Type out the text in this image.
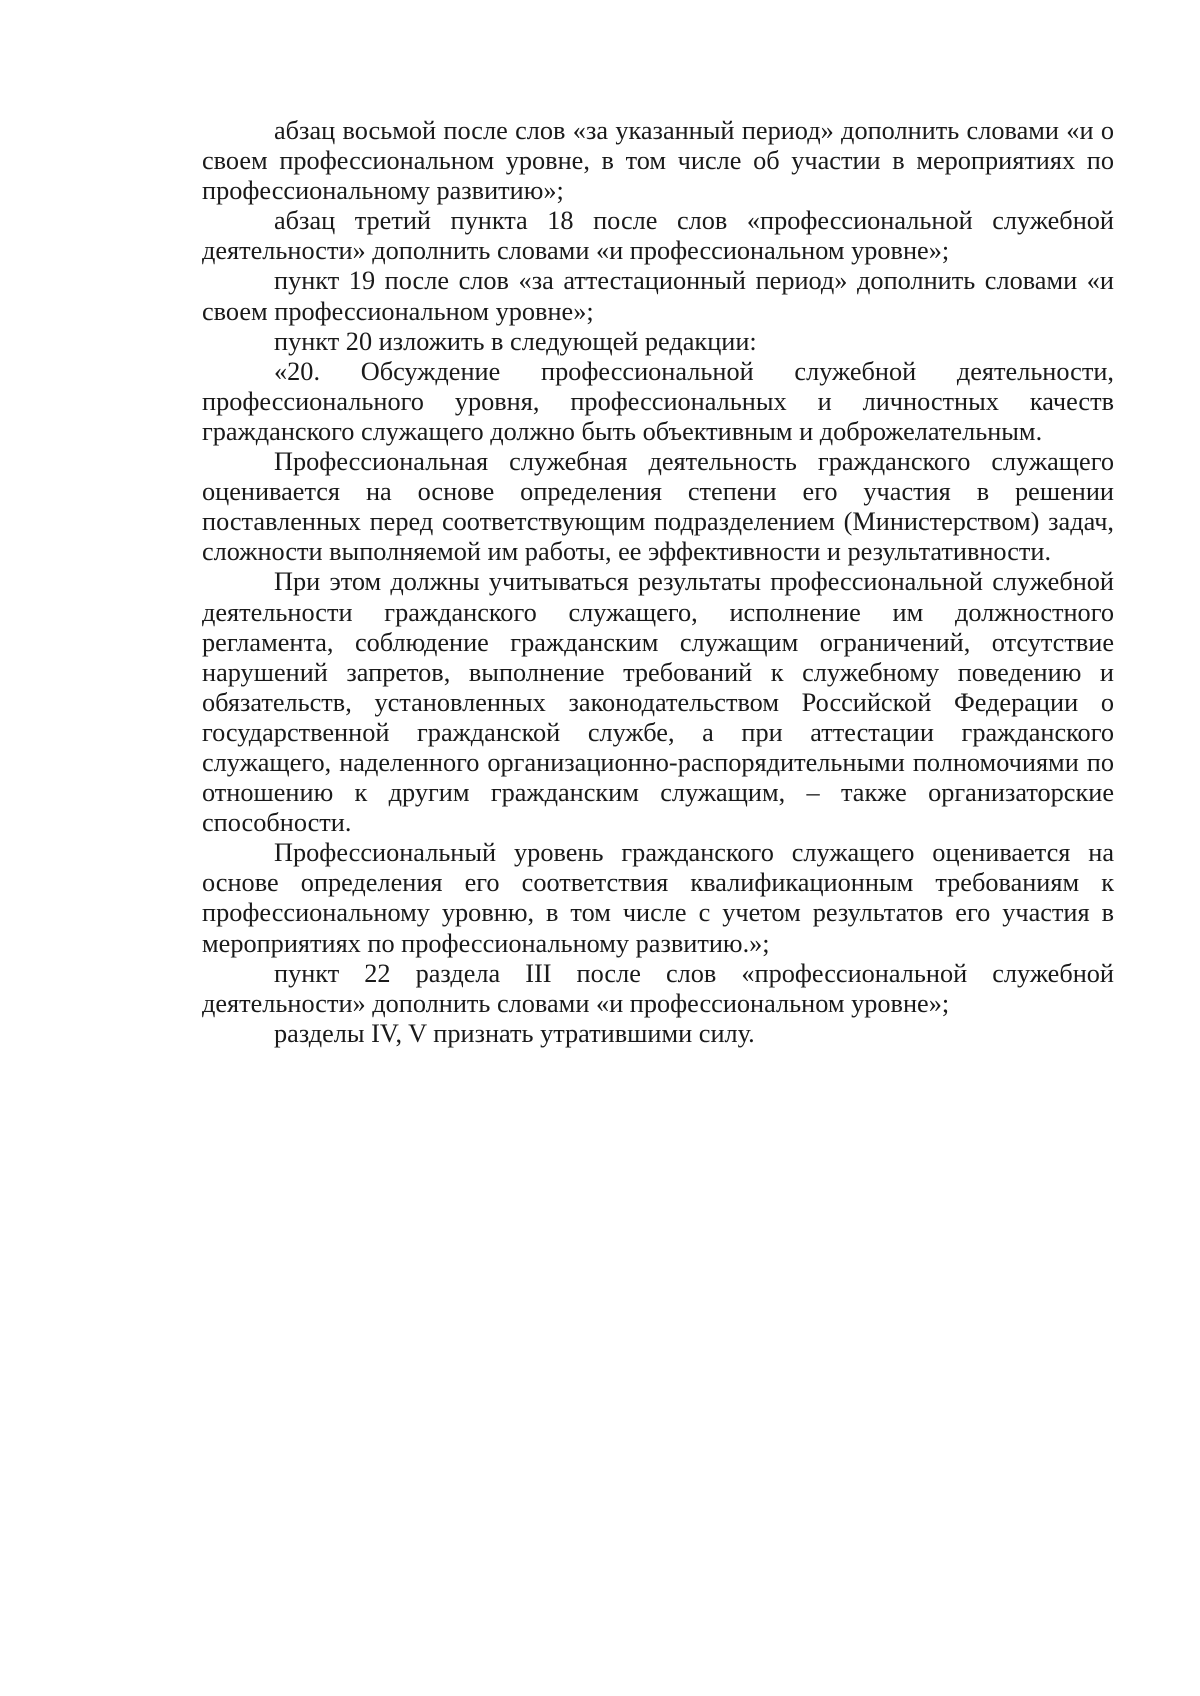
абзац восьмой после слов «за указанный период» дополнить словами «и о своем профессиональном уровне, в том числе об участии в мероприятиях по профессиональному развитию»;

абзац третий пункта 18 после слов «профессиональной служебной деятельности» дополнить словами «и профессиональном уровне»;

пункт 19 после слов «за аттестационный период» дополнить словами «и своем профессиональном уровне»;

пункт 20 изложить в следующей редакции:

«20. Обсуждение профессиональной служебной деятельности, профессионального уровня, профессиональных и личностных качеств гражданского служащего должно быть объективным и доброжелательным.

Профессиональная служебная деятельность гражданского служащего оценивается на основе определения степени его участия в решении поставленных перед соответствующим подразделением (Министерством) задач, сложности выполняемой им работы, ее эффективности и результативности.

При этом должны учитываться результаты профессиональной служебной деятельности гражданского служащего, исполнение им должностного регламента, соблюдение гражданским служащим ограничений, отсутствие нарушений запретов, выполнение требований к служебному поведению и обязательств, установленных законодательством Российской Федерации о государственной гражданской службе, а при аттестации гражданского служащего, наделенного организационно-распорядительными полномочиями по отношению к другим гражданским служащим, – также организаторские способности.

Профессиональный уровень гражданского служащего оценивается на основе определения его соответствия квалификационным требованиям к профессиональному уровню, в том числе с учетом результатов его участия в мероприятиях по профессиональному развитию.»;

пункт 22 раздела III после слов «профессиональной служебной деятельности» дополнить словами «и профессиональном уровне»;

разделы IV, V признать утратившими силу.
